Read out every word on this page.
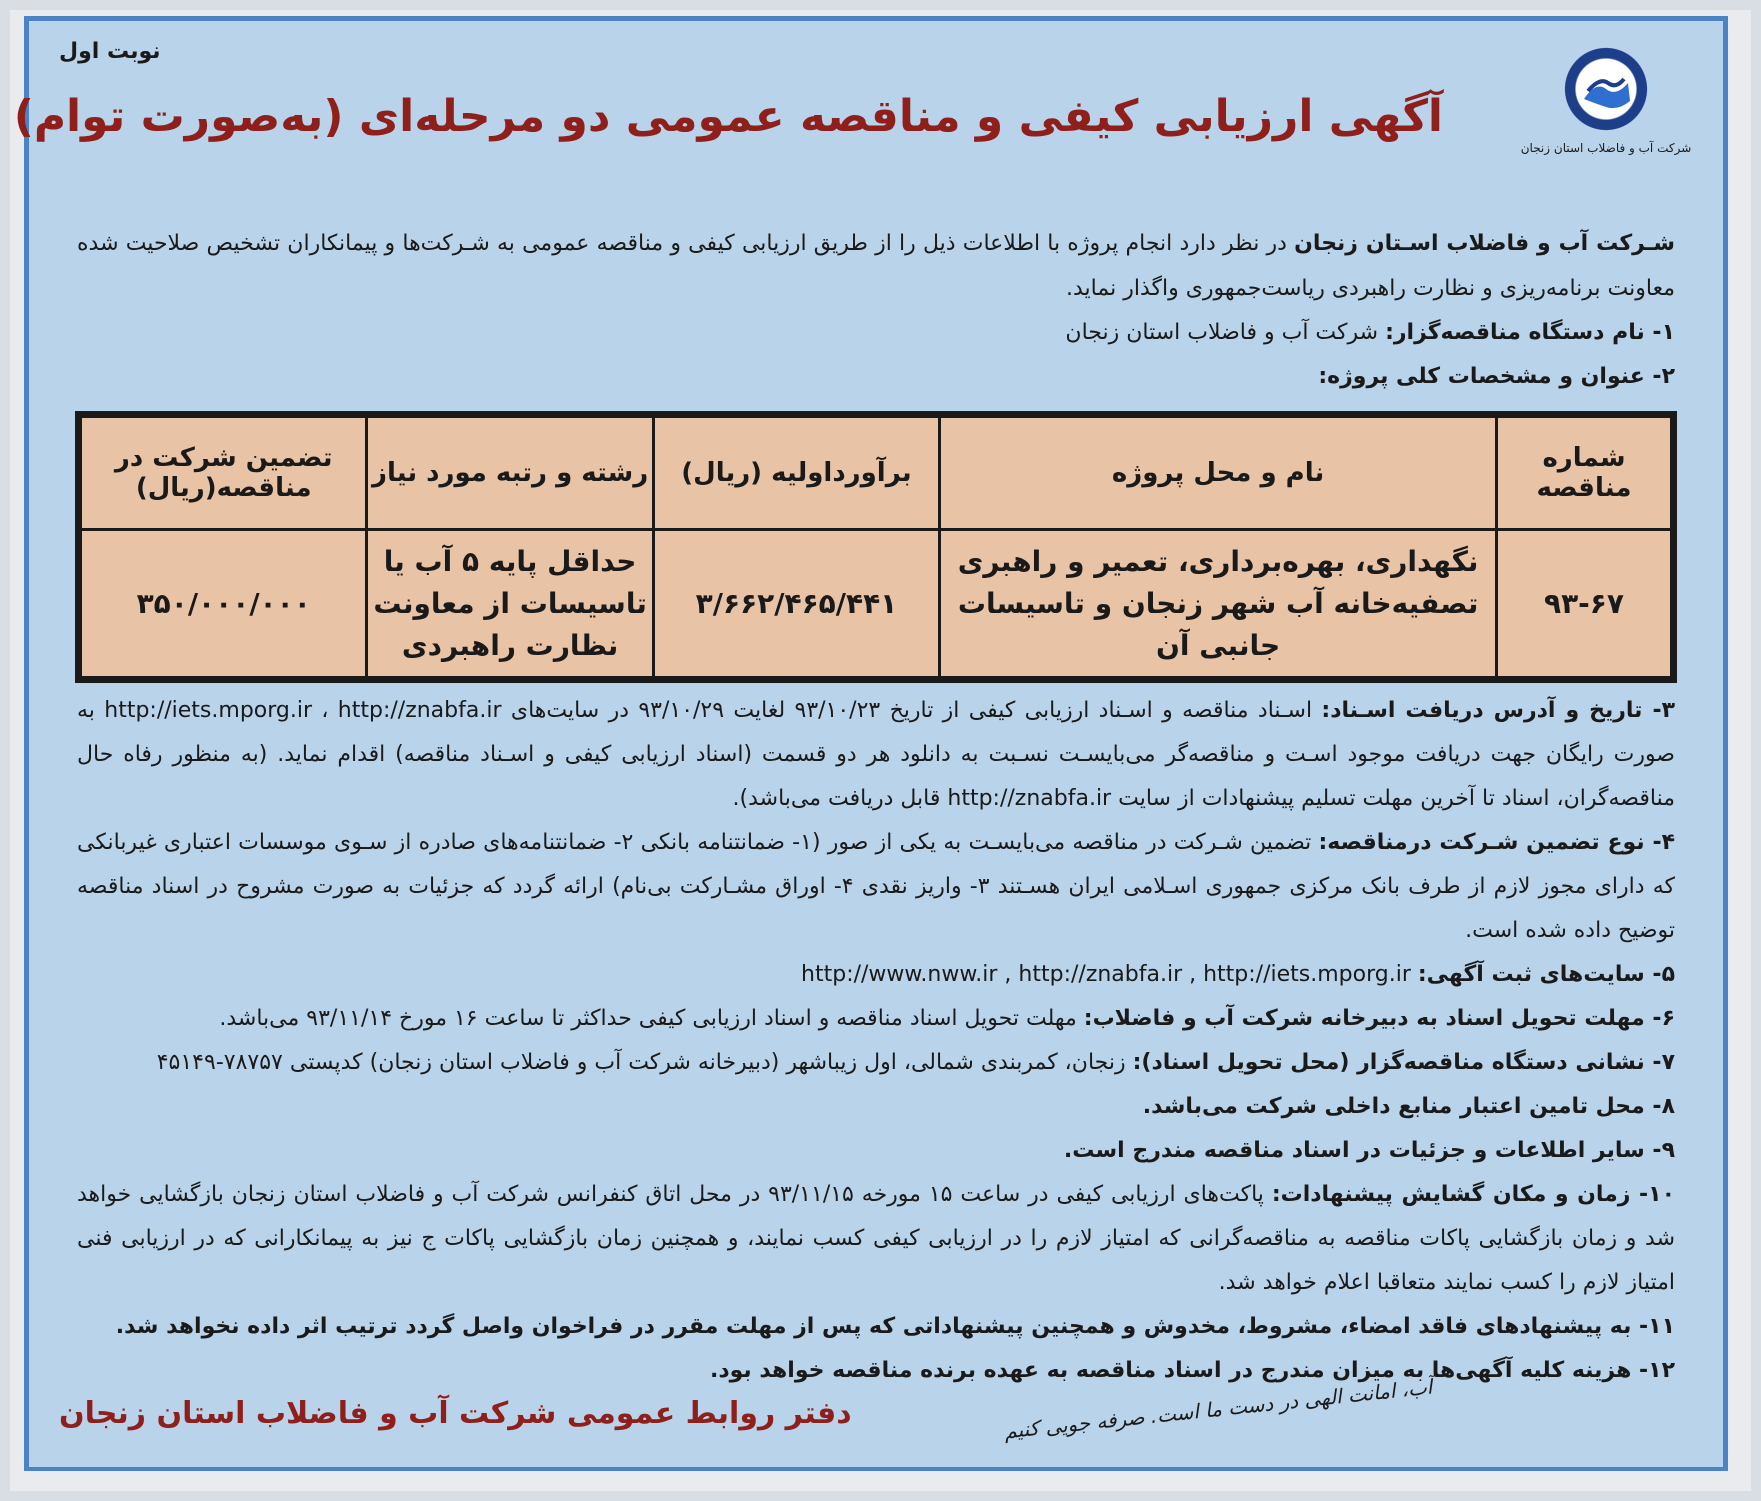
نوبت اول
شرکت آب و فاضلاب استان زنجان
آگهی ارزیابی کیفی و مناقصه عمومی دو مرحله‌ای (به‌صورت توام)
شـرکت آب و فاضلاب اسـتان زنجان در نظر دارد انجام پروژه با اطلاعات ذیل را از طریق ارزیابی کیفی و مناقصه عمومی به شـرکت‌ها و پیمانکاران تشخیص صلاحیت شده معاونت برنامه‌ریزی و نظارت راهبردی ریاست‌جمهوری واگذار نماید.
۱- نام دستگاه مناقصه‌گزار: شرکت آب و فاضلاب استان زنجان
۲- عنوان و مشخصات کلی پروژه:
شماره مناقصه	نام و محل پروژه	برآورداولیه (ریال)	رشته و رتبه مورد نیاز	تضمین شرکت در مناقصه(ریال)
۹۳-۶۷	نگهداری، بهره‌برداری، تعمیر و راهبری تصفیه‌خانه آب شهر زنجان و تاسیسات جانبی آن	۳/۶۶۲/۴۶۵/۴۴۱	حداقل پایه ۵ آب یا تاسیسات از معاونت نظارت راهبردی	۳۵۰/۰۰۰/۰۰۰
۳- تاریخ و آدرس دریافت اسـناد: اسـناد مناقصه و اسـناد ارزیابی کیفی از تاریخ ۹۳/۱۰/۲۳ لغایت ۹۳/۱۰/۲۹ در سایت‌های http://iets.mporg.ir ، http://znabfa.ir به صورت رایگان جهت دریافت موجود اسـت و مناقصه‌گر می‌بایسـت نسـبت به دانلود هر دو قسمت (اسناد ارزیابی کیفی و اسـناد مناقصه) اقدام نماید. (به منظور رفاه حال مناقصه‌گران، اسناد تا آخرین مهلت تسلیم پیشنهادات از سایت http://znabfa.ir قابل دریافت می‌باشد).
۴- نوع تضمین شـرکت درمناقصه: تضمین شـرکت در مناقصه می‌بایسـت به یکی از صور (۱- ضمانتنامه بانکی ۲- ضمانتنامه‌های صادره از سـوی موسسات اعتباری غیربانکی که دارای مجوز لازم از طرف بانک مرکزی جمهوری اسـلامی ایران هسـتند ۳- واریز نقدی ۴- اوراق مشـارکت بی‌نام) ارائه گردد که جزئیات به صورت مشروح در اسناد مناقصه توضیح داده شده است.
۵- سایت‌های ثبت آگهی: http://www.nww.ir , http://znabfa.ir , http://iets.mporg.ir
۶- مهلت تحویل اسناد به دبیرخانه شرکت آب و فاضلاب: مهلت تحویل اسناد مناقصه و اسناد ارزیابی کیفی حداکثر تا ساعت ۱۶ مورخ ۹۳/۱۱/۱۴ می‌باشد.
۷- نشانی دستگاه مناقصه‌گزار (محل تحویل اسناد): زنجان، کمربندی شمالی، اول زیباشهر (دبیرخانه شرکت آب و فاضلاب استان زنجان) کدپستی ۷۸۷۵۷-۴۵۱۴۹
۸- محل تامین اعتبار منابع داخلی شرکت می‌باشد.
۹- سایر اطلاعات و جزئیات در اسناد مناقصه مندرج است.
۱۰- زمان و مکان گشایش پیشنهادات: پاکت‌های ارزیابی کیفی در ساعت ۱۵ مورخه ۹۳/۱۱/۱۵ در محل اتاق کنفرانس شرکت آب و فاضلاب استان زنجان بازگشایی خواهد شد و زمان بازگشایی پاکات مناقصه به مناقصه‌گرانی که امتیاز لازم را در ارزیابی کیفی کسب نمایند، و همچنین زمان بازگشایی پاکات ج نیز به پیمانکارانی که در ارزیابی فنی امتیاز لازم را کسب نمایند متعاقبا اعلام خواهد شد.
۱۱- به پیشنهادهای فاقد امضاء، مشروط، مخدوش و همچنین پیشنهاداتی که پس از مهلت مقرر در فراخوان واصل گردد ترتیب اثر داده نخواهد شد.
۱۲- هزینه کلیه آگهی‌ها به میزان مندرج در اسناد مناقصه به عهده برنده مناقصه خواهد بود.
آب، امانت الهی در دست ما است. صرفه جویی کنیم
دفتر روابط عمومی شرکت آب و فاضلاب استان زنجان
